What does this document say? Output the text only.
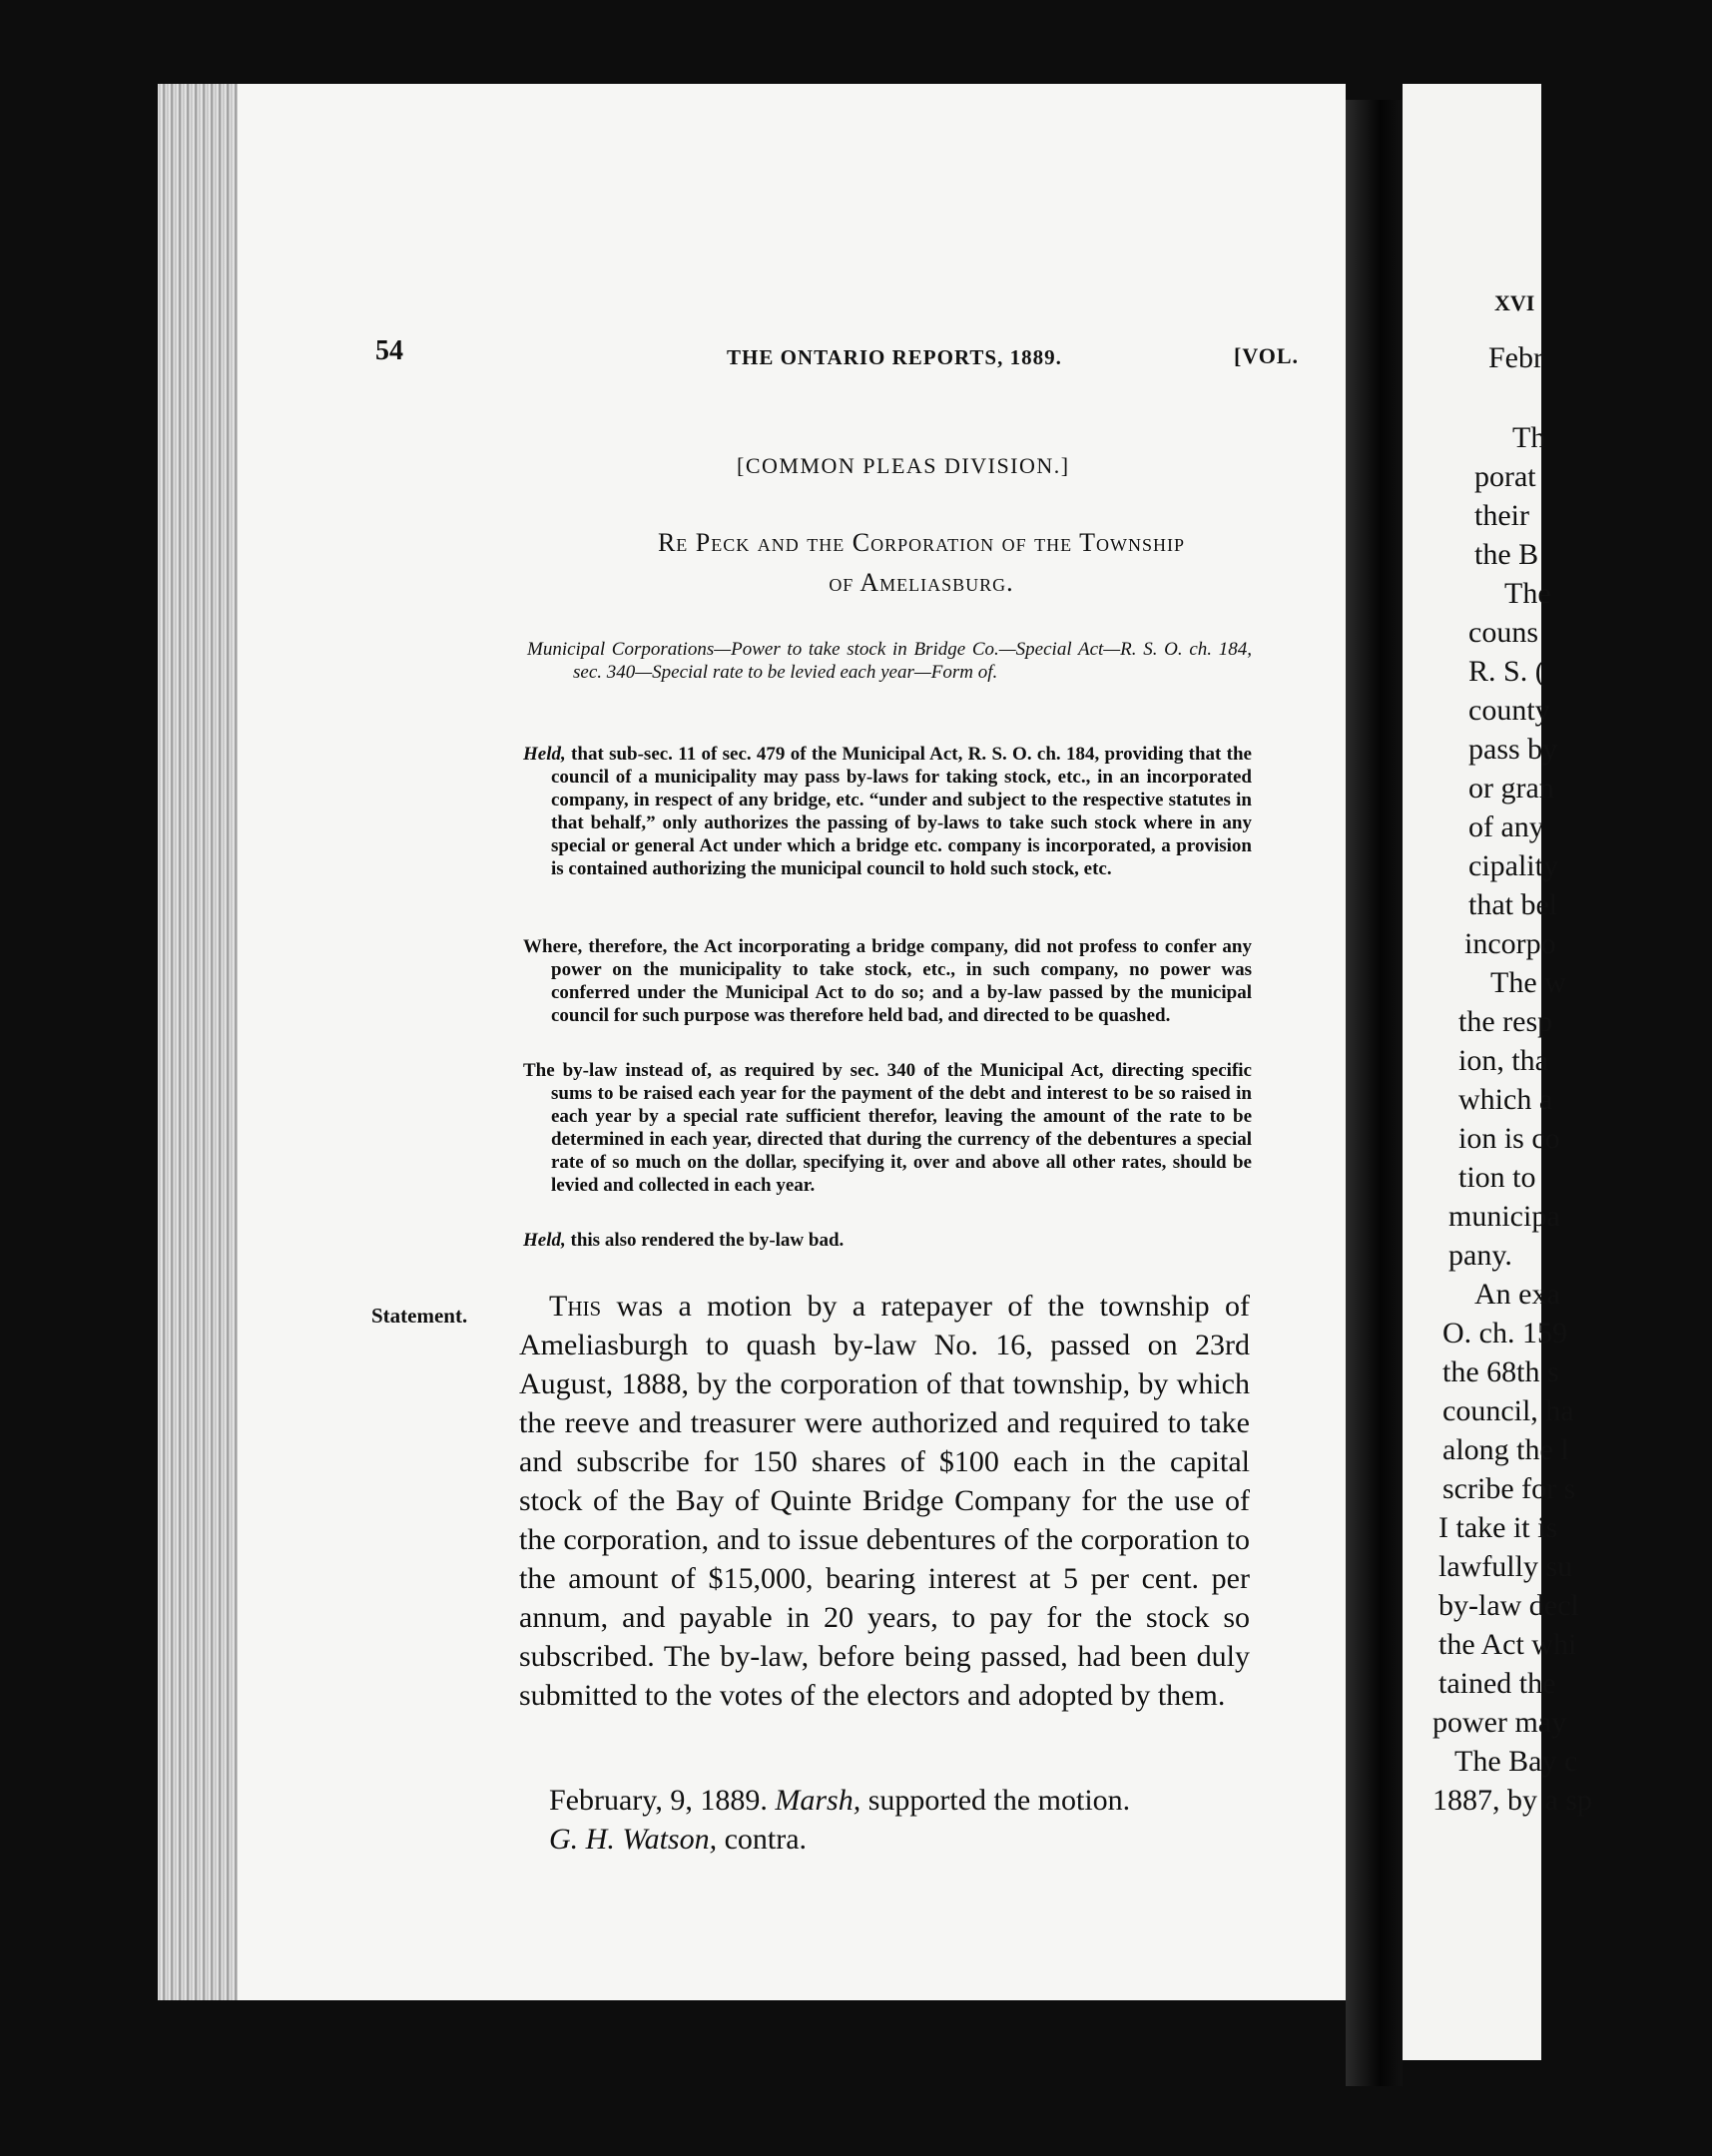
54	THE ONTARIO REPORTS, 1889.	[VOL.
[COMMON PLEAS DIVISION.]
Re Peck and the Corporation of the Township
of Ameliasburg.

Municipal Corporations—Power to take stock in Bridge Co.—Special Act—R. S. O. ch. 184, sec. 340—Special rate to be levied each year—Form of.

Held, that sub-sec. 11 of sec. 479 of the Municipal Act, R. S. O. ch. 184, providing that the council of a municipality may pass by-laws for taking stock, etc., in an incorporated company, in respect of any bridge, etc. “under and subject to the respective statutes in that behalf,” only authorizes the passing of by-laws to take such stock where in any special or general Act under which a bridge etc. company is incorporated, a provision is contained authorizing the municipal council to hold such stock, etc.

Where, therefore, the Act incorporating a bridge company, did not profess to confer any power on the municipality to take stock, etc., in such company, no power was conferred under the Municipal Act to do so; and a by-law passed by the municipal council for such purpose was therefore held bad, and directed to be quashed.

The by-law instead of, as required by sec. 340 of the Municipal Act, directing specific sums to be raised each year for the payment of the debt and interest to be so raised in each year by a special rate sufficient therefor, leaving the amount of the rate to be determined in each year, directed that during the currency of the debentures a special rate of so much on the dollar, specifying it, over and above all other rates, should be levied and collected in each year.

Held, this also rendered the by-law bad.

Statement.	This was a motion by a ratepayer of the township of Ameliasburgh to quash by-law No. 16, passed on 23rd August, 1888, by the corporation of that township, by which the reeve and treasurer were authorized and required to take and subscribe for 150 shares of $100 each in the capital stock of the Bay of Quinte Bridge Company for the use of the corporation, and to issue debentures of the corporation to the amount of $15,000, bearing interest at 5 per cent. per annum, and payable in 20 years, to pay for the stock so subscribed. The by-law, before being passed, had been duly submitted to the votes of the electors and adopted by them.

February, 9, 1889. Marsh, supported the motion.

G. H. Watson, contra.

XVI
Febr
Th
porat
their
the B
The
couns
R. S. (
county
pass by
or gran
of any
cipality
that bel
incorpo
The w
the resp
ion, tha
which a
ion is co
tion to
municipa
pany.
An exa
O. ch. 159
the 68th s
council, ha
along the l
scribe for s
I take it is
lawfully su
by-law decl
the Act whi
tained the
power may
The Bay c
1887, by a sp
